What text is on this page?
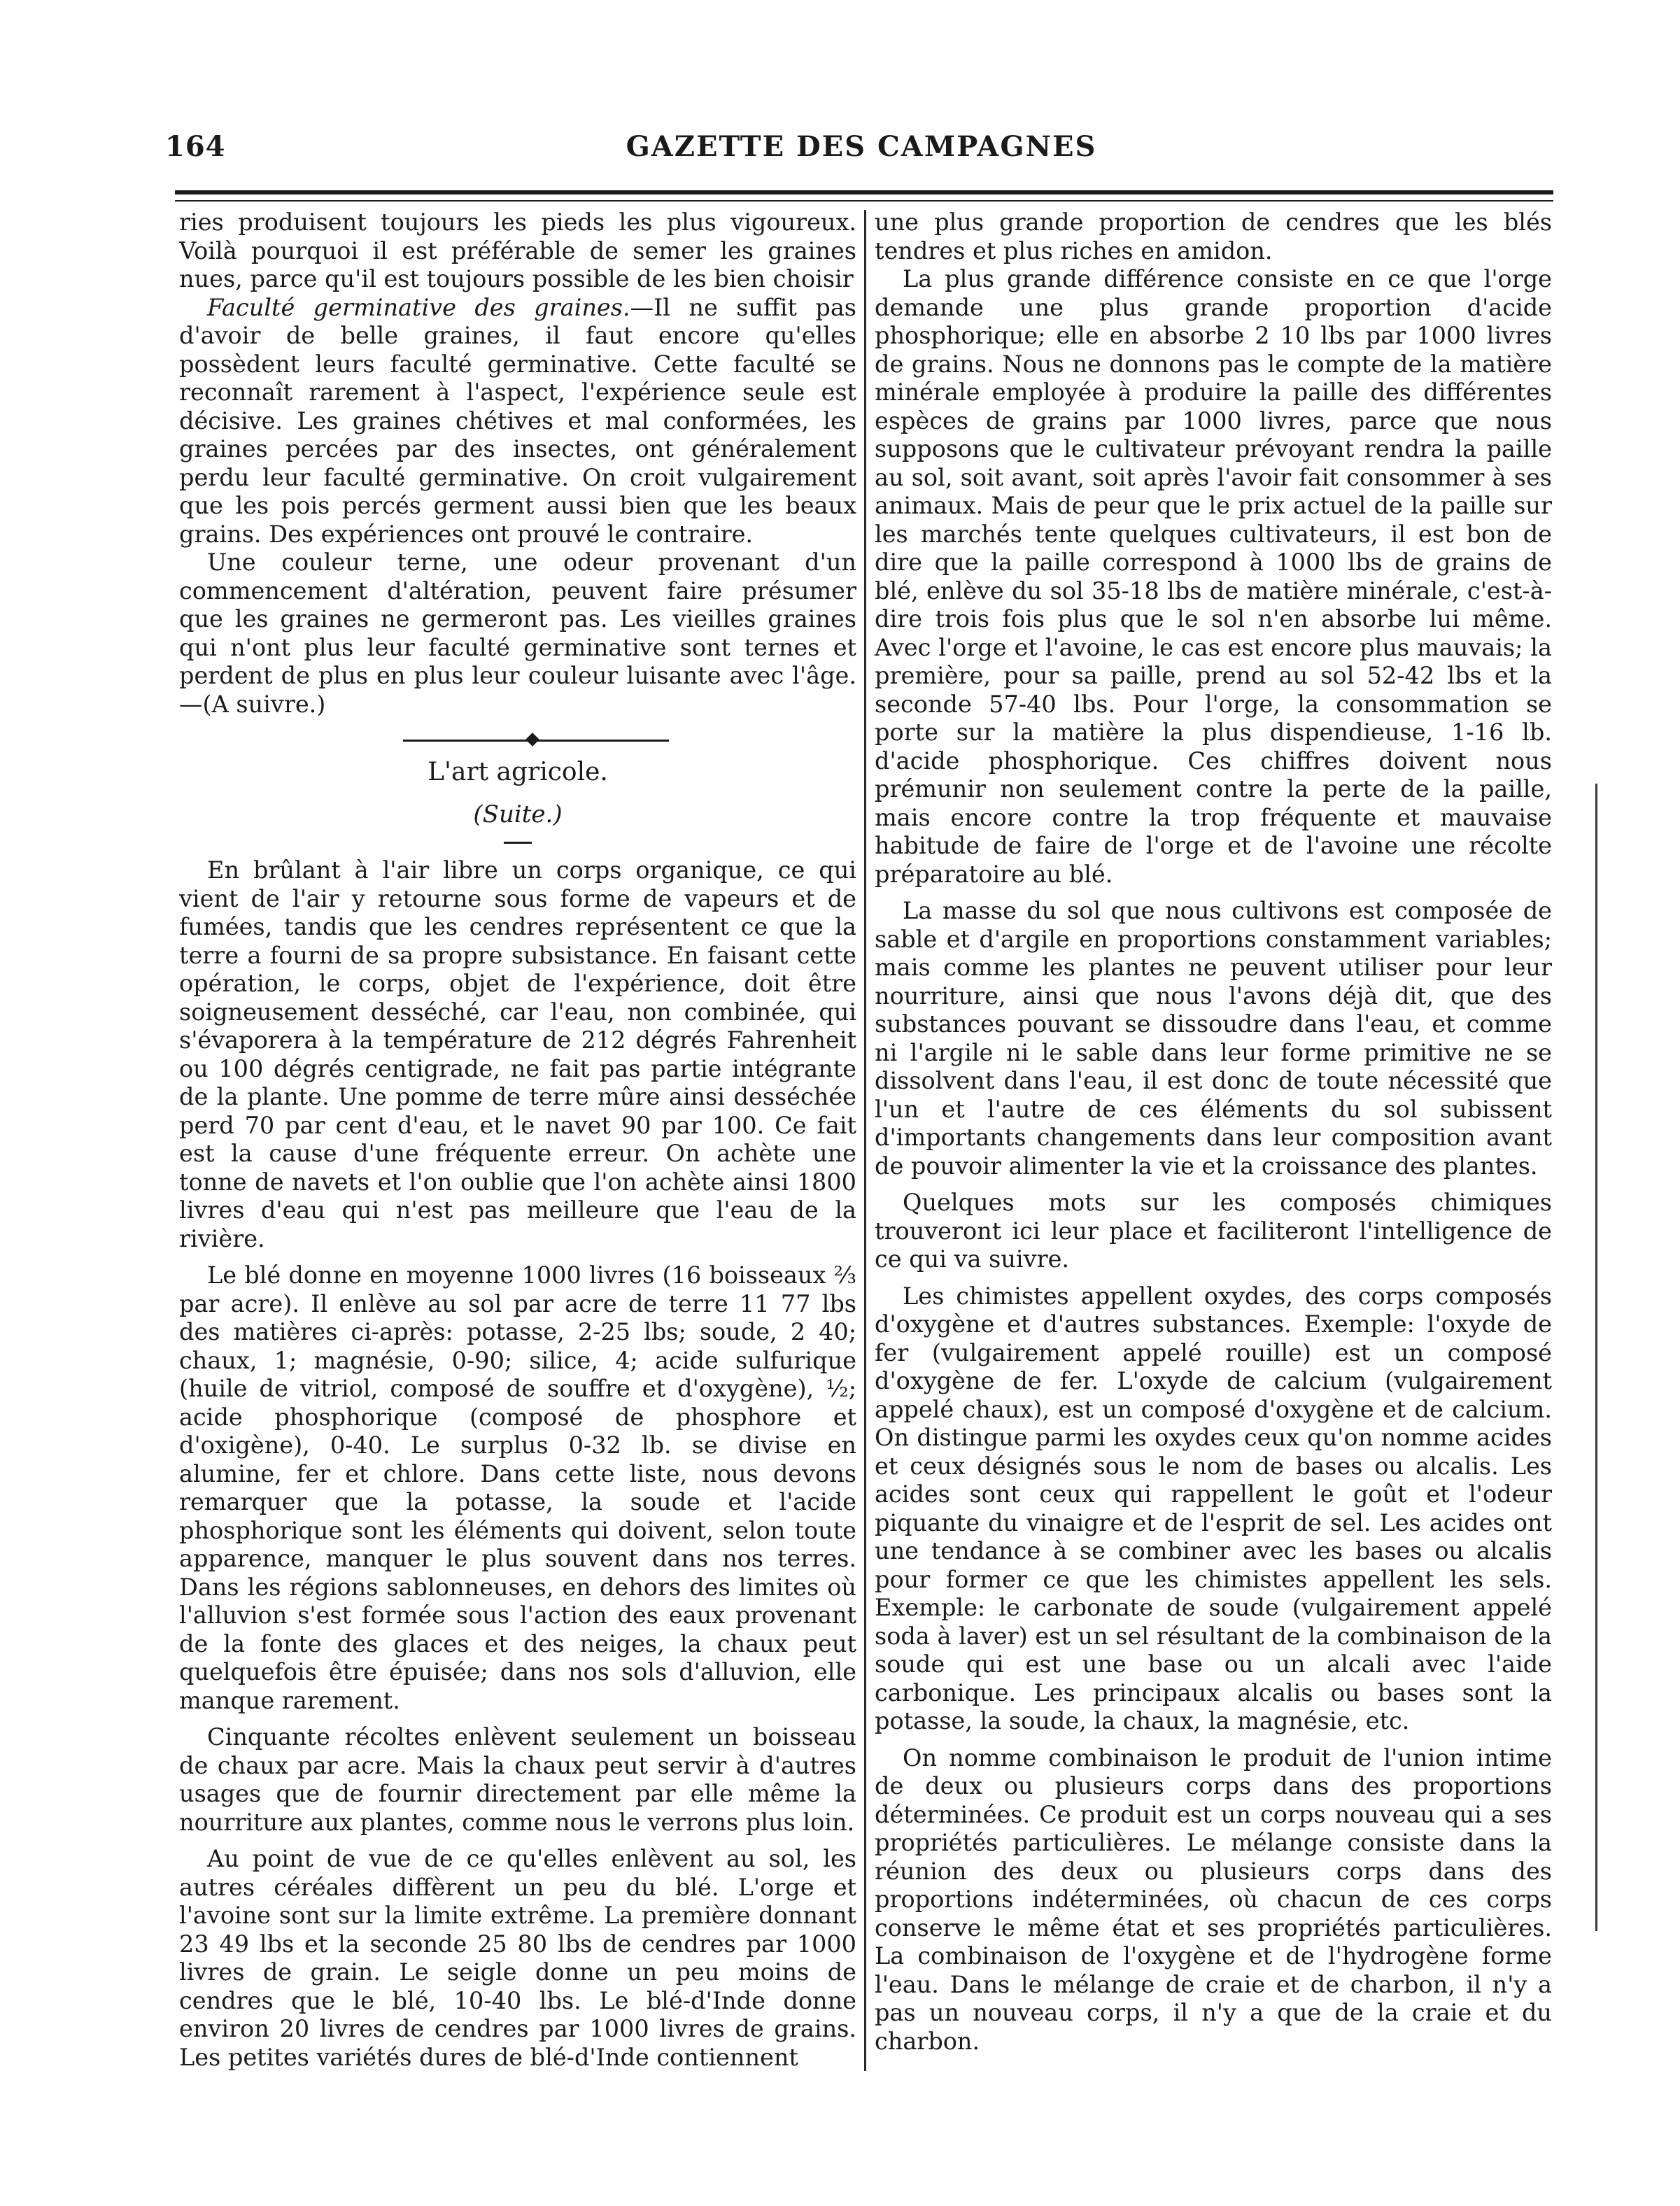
164	GAZETTE DES CAMPAGNES

ries produisent toujours les pieds les plus vigoureux. Voilà pourquoi il est préférable de semer les graines nues, parce qu'il est toujours possible de les bien choisir

Faculté germinative des graines.—Il ne suffit pas d'avoir de belle graines, il faut encore qu'elles possèdent leurs faculté germinative. Cette faculté se reconnaît rarement à l'aspect, l'expérience seule est décisive. Les graines chétives et mal conformées, les graines percées par des insectes, ont généralement perdu leur faculté germinative. On croit vulgairement que les pois percés germent aussi bien que les beaux grains. Des expériences ont prouvé le contraire.

Une couleur terne, une odeur provenant d'un commencement d'altération, peuvent faire présumer que les graines ne germeront pas. Les vieilles graines qui n'ont plus leur faculté germinative sont ternes et perdent de plus en plus leur couleur luisante avec l'âge.—(A suivre.)

L'art agricole.
(Suite.)

En brûlant à l'air libre un corps organique, ce qui vient de l'air y retourne sous forme de vapeurs et de fumées, tandis que les cendres représentent ce que la terre a fourni de sa propre subsistance. En faisant cette opération, le corps, objet de l'expérience, doit être soigneusement desséché, car l'eau, non combinée, qui s'évaporera à la température de 212 dégrés Fahrenheit ou 100 dégrés centigrade, ne fait pas partie intégrante de la plante. Une pomme de terre mûre ainsi desséchée perd 70 par cent d'eau, et le navet 90 par 100. Ce fait est la cause d'une fréquente erreur. On achète une tonne de navets et l'on oublie que l'on achète ainsi 1800 livres d'eau qui n'est pas meilleure que l'eau de la rivière.

Le blé donne en moyenne 1000 livres (16 boisseaux ⅔ par acre). Il enlève au sol par acre de terre 11 77 lbs des matières ci-après: potasse, 2-25 lbs; soude, 2 40; chaux, 1; magnésie, 0-90; silice, 4; acide sulfurique (huile de vitriol, composé de souffre et d'oxygène), ½; acide phosphorique (composé de phosphore et d'oxigène), 0-40. Le surplus 0-32 lb. se divise en alumine, fer et chlore. Dans cette liste, nous devons remarquer que la potasse, la soude et l'acide phosphorique sont les éléments qui doivent, selon toute apparence, manquer le plus souvent dans nos terres. Dans les régions sablonneuses, en dehors des limites où l'alluvion s'est formée sous l'action des eaux provenant de la fonte des glaces et des neiges, la chaux peut quelquefois être épuisée; dans nos sols d'alluvion, elle manque rarement.

Cinquante récoltes enlèvent seulement un boisseau de chaux par acre. Mais la chaux peut servir à d'autres usages que de fournir directement par elle même la nourriture aux plantes, comme nous le verrons plus loin.

Au point de vue de ce qu'elles enlèvent au sol, les autres céréales diffèrent un peu du blé. L'orge et l'avoine sont sur la limite extrême. La première donnant 23 49 lbs et la seconde 25 80 lbs de cendres par 1000 livres de grain. Le seigle donne un peu moins de cendres que le blé, 10-40 lbs. Le blé-d'Inde donne environ 20 livres de cendres par 1000 livres de grains. Les petites variétés dures de blé-d'Inde contiennent

une plus grande proportion de cendres que les blés tendres et plus riches en amidon.

La plus grande différence consiste en ce que l'orge demande une plus grande proportion d'acide phosphorique; elle en absorbe 2 10 lbs par 1000 livres de grains. Nous ne donnons pas le compte de la matière minérale employée à produire la paille des différentes espèces de grains par 1000 livres, parce que nous supposons que le cultivateur prévoyant rendra la paille au sol, soit avant, soit après l'avoir fait consommer à ses animaux. Mais de peur que le prix actuel de la paille sur les marchés tente quelques cultivateurs, il est bon de dire que la paille correspond à 1000 lbs de grains de blé, enlève du sol 35-18 lbs de matière minérale, c'est-à-dire trois fois plus que le sol n'en absorbe lui même. Avec l'orge et l'avoine, le cas est encore plus mauvais; la première, pour sa paille, prend au sol 52-42 lbs et la seconde 57-40 lbs. Pour l'orge, la consommation se porte sur la matière la plus dispendieuse, 1-16 lb. d'acide phosphorique. Ces chiffres doivent nous prémunir non seulement contre la perte de la paille, mais encore contre la trop fréquente et mauvaise habitude de faire de l'orge et de l'avoine une récolte préparatoire au blé.

La masse du sol que nous cultivons est composée de sable et d'argile en proportions constamment variables; mais comme les plantes ne peuvent utiliser pour leur nourriture, ainsi que nous l'avons déjà dit, que des substances pouvant se dissoudre dans l'eau, et comme ni l'argile ni le sable dans leur forme primitive ne se dissolvent dans l'eau, il est donc de toute nécessité que l'un et l'autre de ces éléments du sol subissent d'importants changements dans leur composition avant de pouvoir alimenter la vie et la croissance des plantes.

Quelques mots sur les composés chimiques trouveront ici leur place et faciliteront l'intelligence de ce qui va suivre.

Les chimistes appellent oxydes, des corps composés d'oxygène et d'autres substances. Exemple: l'oxyde de fer (vulgairement appelé rouille) est un composé d'oxygène de fer. L'oxyde de calcium (vulgairement appelé chaux), est un composé d'oxygène et de calcium. On distingue parmi les oxydes ceux qu'on nomme acides et ceux désignés sous le nom de bases ou alcalis. Les acides sont ceux qui rappellent le goût et l'odeur piquante du vinaigre et de l'esprit de sel. Les acides ont une tendance à se combiner avec les bases ou alcalis pour former ce que les chimistes appellent les sels. Exemple: le carbonate de soude (vulgairement appelé soda à laver) est un sel résultant de la combinaison de la soude qui est une base ou un alcali avec l'aide carbonique. Les principaux alcalis ou bases sont la potasse, la soude, la chaux, la magnésie, etc.

On nomme combinaison le produit de l'union intime de deux ou plusieurs corps dans des proportions déterminées. Ce produit est un corps nouveau qui a ses propriétés particulières. Le mélange consiste dans la réunion des deux ou plusieurs corps dans des proportions indéterminées, où chacun de ces corps conserve le même état et ses propriétés particulières. La combinaison de l'oxygène et de l'hydrogène forme l'eau. Dans le mélange de craie et de charbon, il n'y a pas un nouveau corps, il n'y a que de la craie et du charbon.
